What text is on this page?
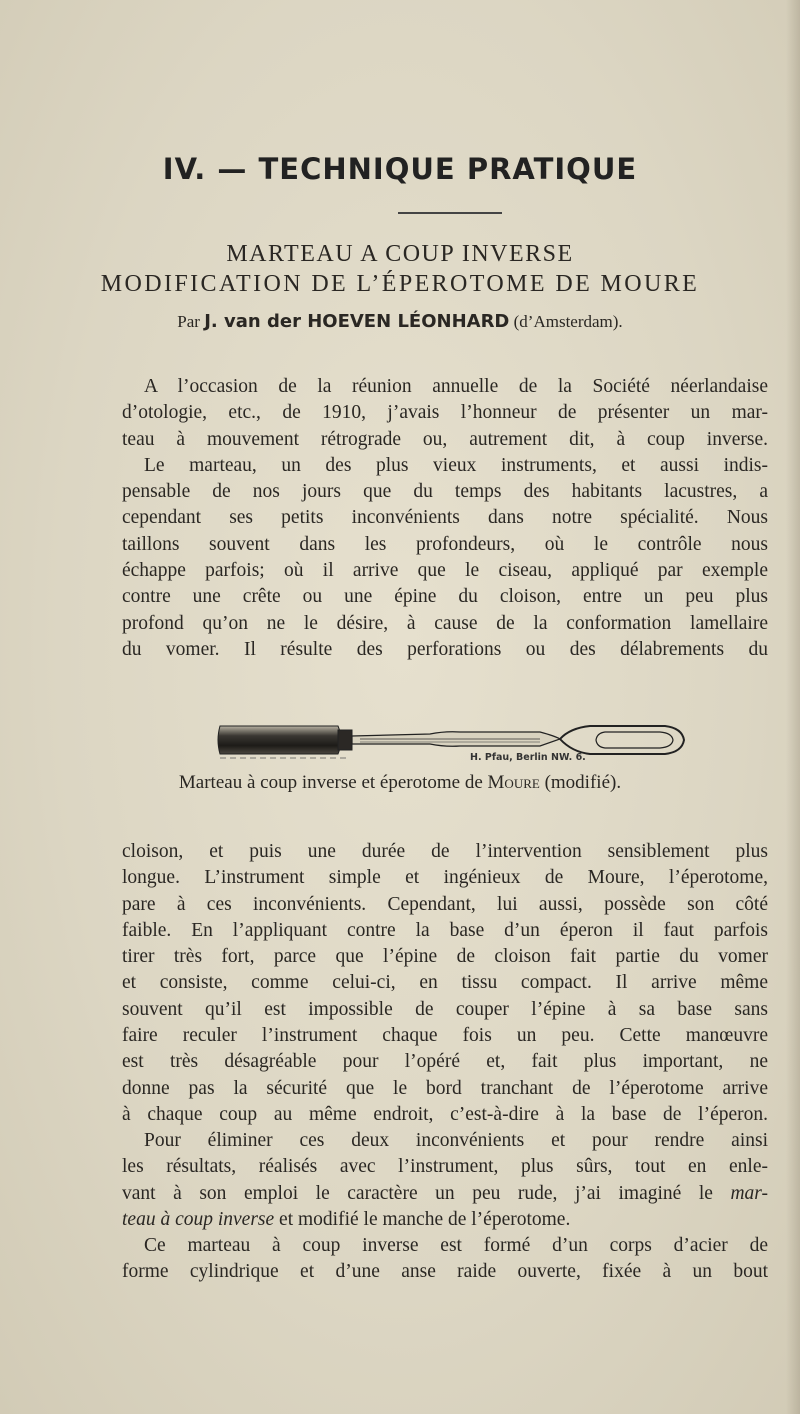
IV. — TECHNIQUE PRATIQUE
MARTEAU A COUP INVERSE
MODIFICATION DE L’ÉPEROTOME DE MOURE
Par J. van der HOEVEN LÉONHARD (d’Amsterdam).
A l’occasion de la réunion annuelle de la Société néerlandaise
d’otologie, etc., de 1910, j’avais l’honneur de présenter un mar-
teau à mouvement rétrograde ou, autrement dit, à coup inverse.
Le marteau, un des plus vieux instruments, et aussi indis-
pensable de nos jours que du temps des habitants lacustres, a
cependant ses petits inconvénients dans notre spécialité. Nous
taillons souvent dans les profondeurs, où le contrôle nous
échappe parfois; où il arrive que le ciseau, appliqué par exemple
contre une crête ou une épine du cloison, entre un peu plus
profond qu’on ne le désire, à cause de la conformation lamellaire
du vomer. Il résulte des perforations ou des délabrements du
H. Pfau, Berlin NW. 6.
Marteau à coup inverse et éperotome de Moure (modifié).
cloison, et puis une durée de l’intervention sensiblement plus
longue. L’instrument simple et ingénieux de Moure, l’éperotome,
pare à ces inconvénients. Cependant, lui aussi, possède son côté
faible. En l’appliquant contre la base d’un éperon il faut parfois
tirer très fort, parce que l’épine de cloison fait partie du vomer
et consiste, comme celui-ci, en tissu compact. Il arrive même
souvent qu’il est impossible de couper l’épine à sa base sans
faire reculer l’instrument chaque fois un peu. Cette manœuvre
est très désagréable pour l’opéré et, fait plus important, ne
donne pas la sécurité que le bord tranchant de l’éperotome arrive
à chaque coup au même endroit, c’est-à-dire à la base de l’éperon.
Pour éliminer ces deux inconvénients et pour rendre ainsi
les résultats, réalisés avec l’instrument, plus sûrs, tout en enle-
vant à son emploi le caractère un peu rude, j’ai imaginé le mar-
teau à coup inverse et modifié le manche de l’éperotome.
Ce marteau à coup inverse est formé d’un corps d’acier de
forme cylindrique et d’une anse raide ouverte, fixée à un bout
